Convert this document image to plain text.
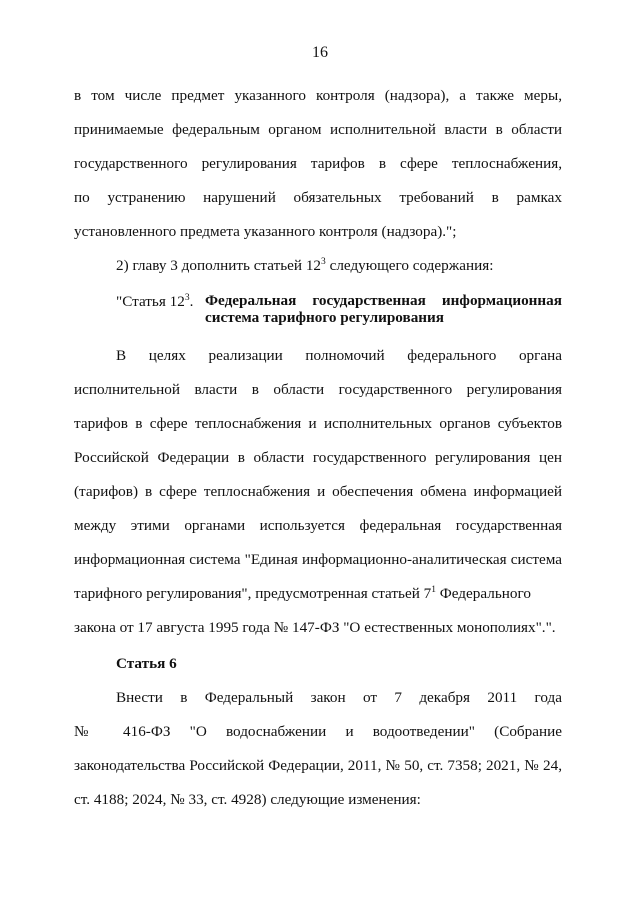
16
в том числе предмет указанного контроля (надзора), а также меры,
принимаемые федеральным органом исполнительной власти в области
государственного регулирования тарифов в сфере теплоснабжения,
по устранению нарушений обязательных требований в рамках
установленного предмета указанного контроля (надзора).";
2) главу 3 дополнить статьей $12^3$ следующего содержания:
"Статья $12^3$. Федеральная государственная информационная
система тарифного регулирования
В целях реализации полномочий федерального органа
исполнительной власти в области государственного регулирования
тарифов в сфере теплоснабжения и исполнительных органов субъектов
Российской Федерации в области государственного регулирования цен
(тарифов) в сфере теплоснабжения и обеспечения обмена информацией
между этими органами используется федеральная государственная
информационная система "Единая информационно-аналитическая система
тарифного регулирования", предусмотренная статьей $7^1$ Федерального
закона от 17 августа 1995 года № 147-ФЗ "О естественных монополиях".".
Статья 6
Внести в Федеральный закон от 7 декабря 2011 года
№ 416-ФЗ "О водоснабжении и водоотведении" (Собрание
законодательства Российской Федерации, 2011, № 50, ст. 7358; 2021, № 24,
ст. 4188; 2024, № 33, ст. 4928) следующие изменения:
